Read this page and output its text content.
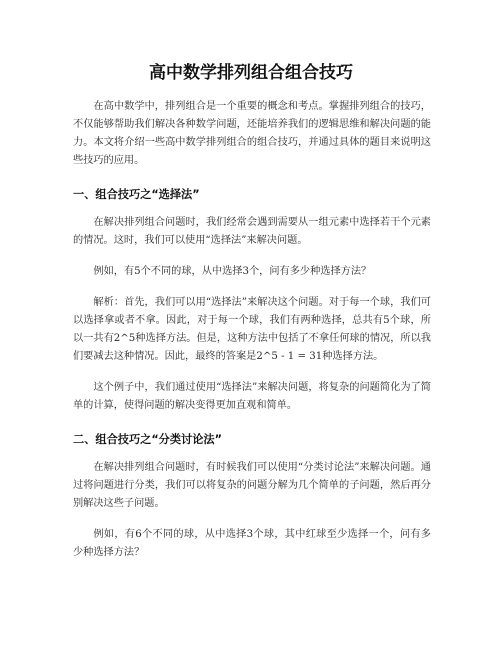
高中数学排列组合组合技巧

在高中数学中，排列组合是一个重要的概念和考点。掌握排列组合的技巧，不仅能够帮助我们解决各种数学问题，还能培养我们的逻辑思维和解决问题的能力。本文将介绍一些高中数学排列组合的组合技巧，并通过具体的题目来说明这些技巧的应用。

一、组合技巧之“选择法”

在解决排列组合问题时，我们经常会遇到需要从一组元素中选择若干个元素的情况。这时，我们可以使用“选择法”来解决问题。

例如，有5个不同的球，从中选择3个，问有多少种选择方法？

解析：首先，我们可以用“选择法”来解决这个问题。对于每一个球，我们可以选择拿或者不拿。因此，对于每一个球，我们有两种选择，总共有5个球，所以一共有2^5种选择方法。但是，这种方法中包括了不拿任何球的情况，所以我们要减去这种情况。因此，最终的答案是2^5 - 1 = 31种选择方法。

这个例子中，我们通过使用“选择法”来解决问题，将复杂的问题简化为了简单的计算，使得问题的解决变得更加直观和简单。

二、组合技巧之“分类讨论法”

在解决排列组合问题时，有时候我们可以使用“分类讨论法”来解决问题。通过将问题进行分类，我们可以将复杂的问题分解为几个简单的子问题，然后再分别解决这些子问题。

例如，有6个不同的球，从中选择3个球，其中红球至少选择一个，问有多少种选择方法？
